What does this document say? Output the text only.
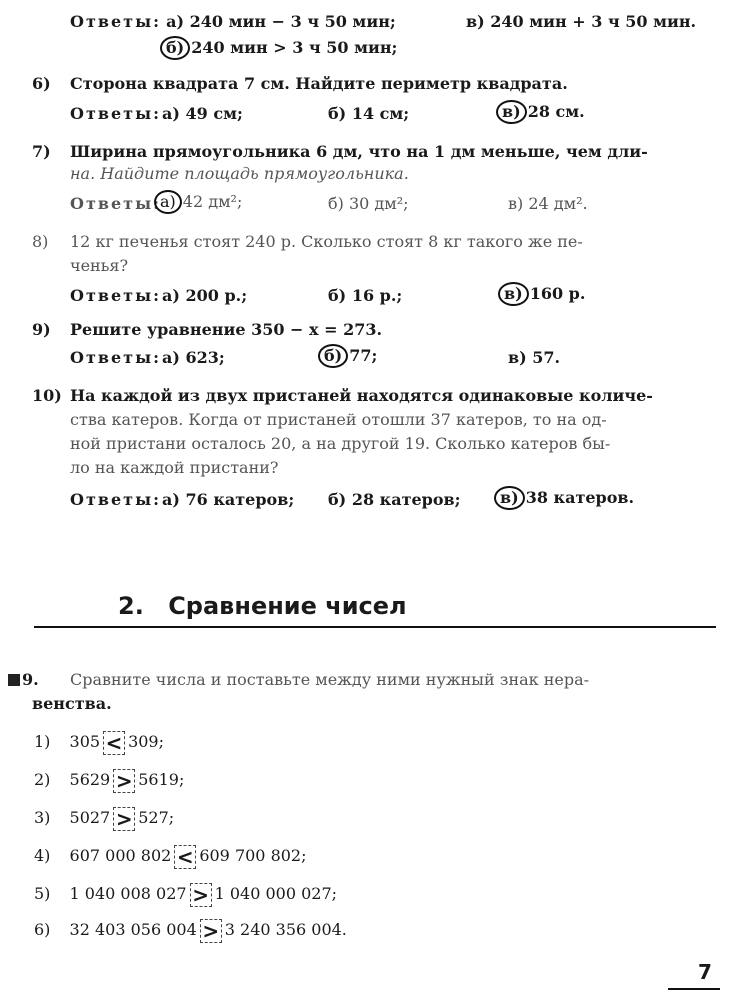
Ответы: а) 240 мин − 3 ч 50 мин;	в) 240 мин + 3 ч 50 мин.
б) 240 мин > 3 ч 50 мин;
6) Сторона квадрата 7 см. Найдите периметр квадрата.
Ответы: а) 49 см;	б) 14 см;	в) 28 см.
7) Ширина прямоугольника 6 дм, что на 1 дм меньше, чем дли-
на. Найдите площадь прямоугольника.
Ответы:
а) 42 дм²;	б) 30 дм²;	в) 24 дм².
8) 12 кг печенья стоят 240 р. Сколько стоят 8 кг такого же пе-
ченья?
Ответы: а) 200 р.;	б) 16 р.;	в) 160 р.
9) Решите уравнение 350 − x = 273.
Ответы: а) 623;	б) 77;	в) 57.
10) На каждой из двух пристаней находятся одинаковые количе-
ства катеров. Когда от пристаней отошли 37 катеров, то на од-
ной пристани осталось 20, а на другой 19. Сколько катеров бы-
ло на каждой пристани?
Ответы: а) 76 катеров; б) 28 катеров;	в) 38 катеров.
2. Сравнение чисел
9. Сравните числа и поставьте между ними нужный знак нера-
венства.
1) 305 < 309;
2) 5629 > 5619;
3) 5027 > 527;
4) 607 000 802 < 609 700 802;
5) 1 040 008 027 > 1 040 000 027;
6) 32 403 056 004 > 3 240 356 004.
7
